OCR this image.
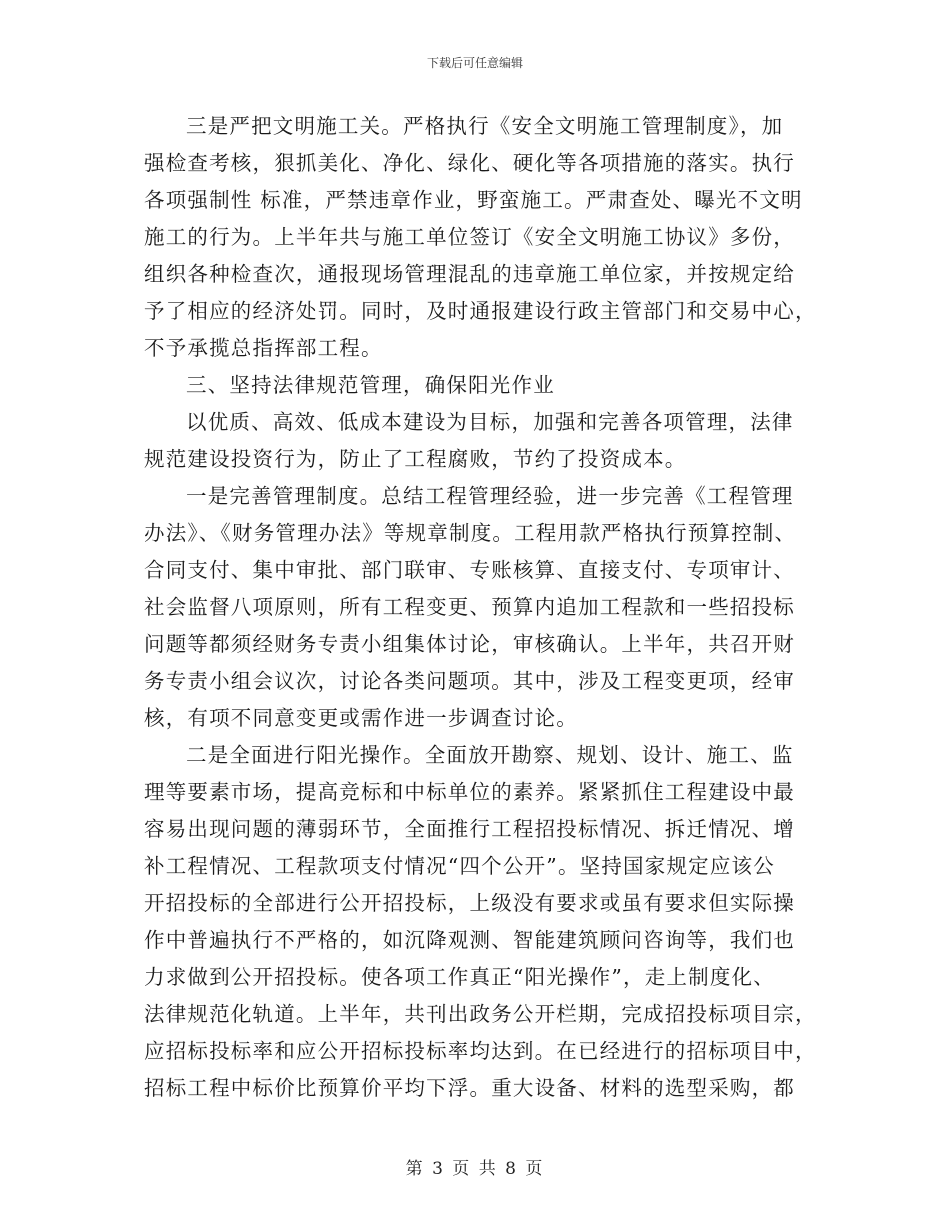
下载后可任意编辑
三是严把文明施工关。严格执行《安全文明施工管理制度》，加
强检查考核，狠抓美化、净化、绿化、硬化等各项措施的落实。执行
各项强制性 标准，严禁违章作业，野蛮施工。严肃查处、曝光不文明
施工的行为。上半年共与施工单位签订《安全文明施工协议》多份，
组织各种检查次，通报现场管理混乱的违章施工单位家，并按规定给
予了相应的经济处罚。同时，及时通报建设行政主管部门和交易中心，
不予承揽总指挥部工程。
三、坚持法律规范管理，确保阳光作业
以优质、高效、低成本建设为目标，加强和完善各项管理，法律
规范建设投资行为，防止了工程腐败，节约了投资成本。
一是完善管理制度。总结工程管理经验，进一步完善《工程管理
办法》、《财务管理办法》等规章制度。工程用款严格执行预算控制、
合同支付、集中审批、部门联审、专账核算、直接支付、专项审计、
社会监督八项原则，所有工程变更、预算内追加工程款和一些招投标
问题等都须经财务专责小组集体讨论，审核确认。上半年，共召开财
务专责小组会议次，讨论各类问题项。其中，涉及工程变更项，经审
核，有项不同意变更或需作进一步调查讨论。
二是全面进行阳光操作。全面放开勘察、规划、设计、施工、监
理等要素市场，提高竞标和中标单位的素养。紧紧抓住工程建设中最
容易出现问题的薄弱环节，全面推行工程招投标情况、拆迁情况、增
补工程情况、工程款项支付情况“四个公开”。坚持国家规定应该公
开招投标的全部进行公开招投标，上级没有要求或虽有要求但实际操
作中普遍执行不严格的，如沉降观测、智能建筑顾问咨询等，我们也
力求做到公开招投标。使各项工作真正“阳光操作”，走上制度化、
法律规范化轨道。上半年，共刊出政务公开栏期，完成招投标项目宗，
应招标投标率和应公开招标投标率均达到。在已经进行的招标项目中，
招标工程中标价比预算价平均下浮。重大设备、材料的选型采购，都
第 3 页 共 8 页
